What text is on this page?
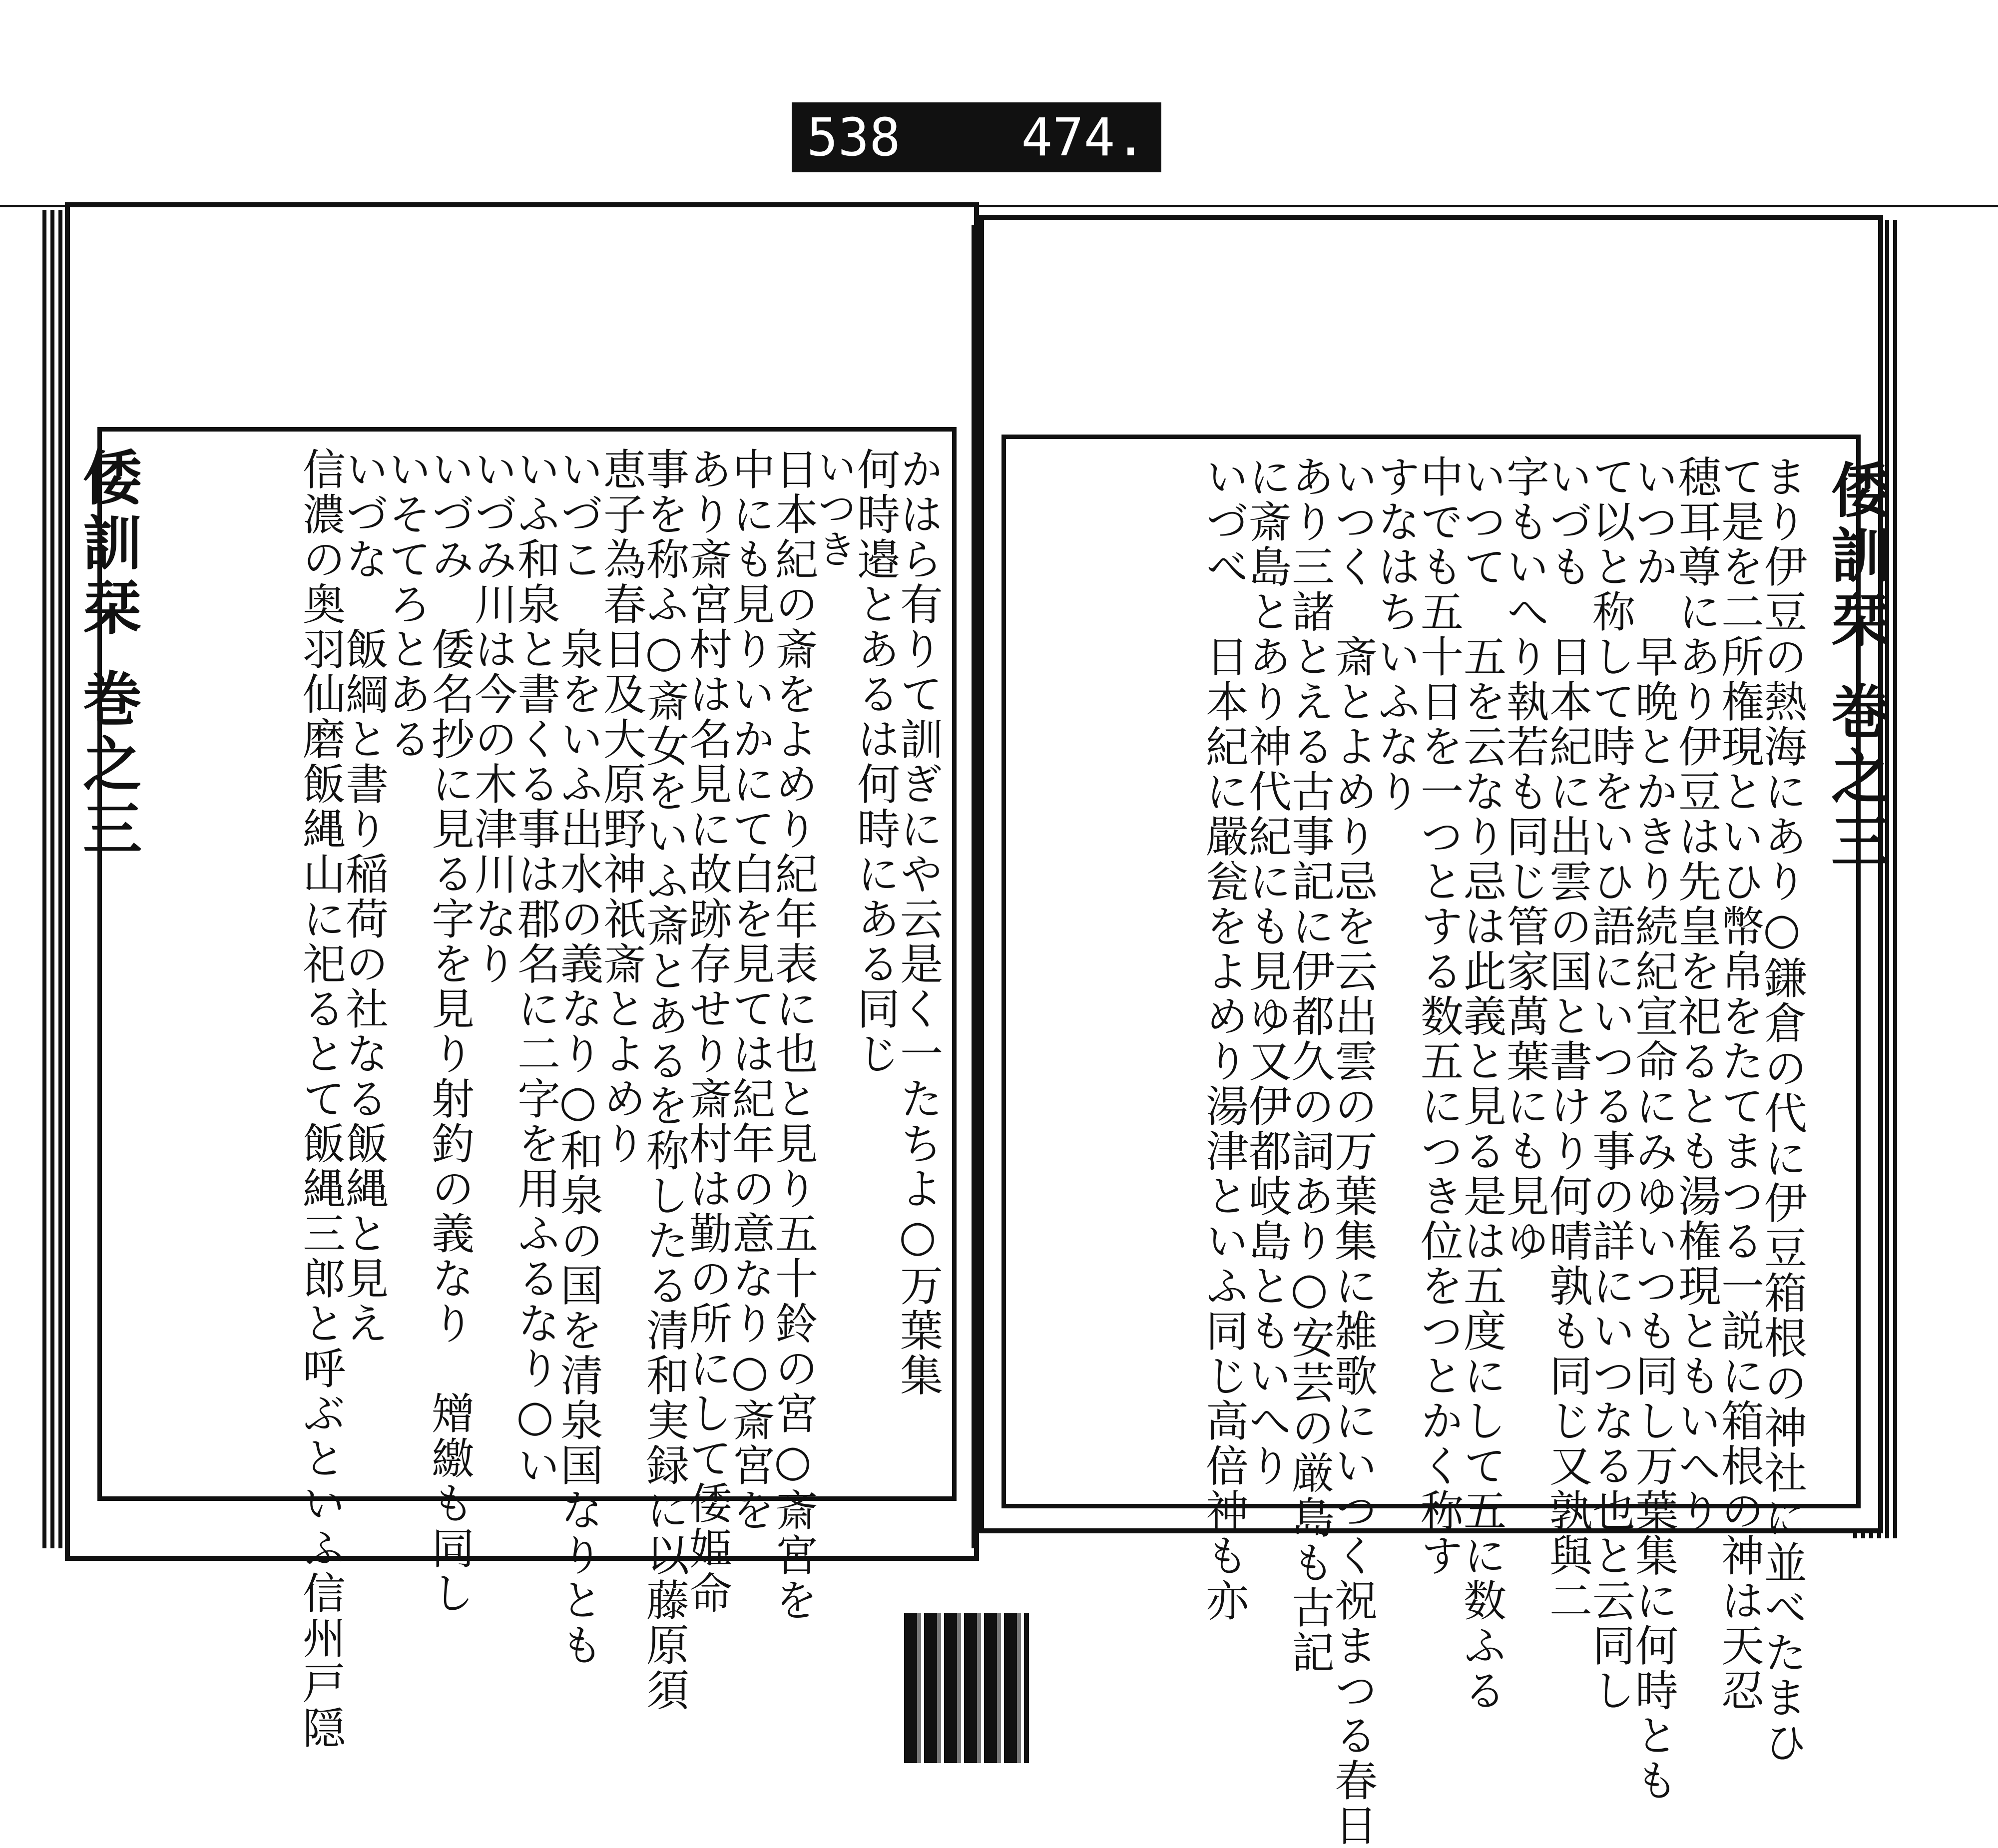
538 474.
倭訓栞 巻之三	かはら有りて訓ぎにや云是く一たちよ○万葉集
何時邉とあるは何時にある同じ
いつき
日本紀の斎をよめり紀年表に也と見り五十鈴の宮○斎宮を
中にも見りいかにて白を見ては紀年の意なり○斎宮を
あり斎宮村は名見に故跡存せり斎村は勤の所にして倭姫命
事を称ふ○斎女をいふ斎とあるを称したる清和実録に以藤原須
恵子為春日及大原野神祇斎とよめり
いづこ　泉をいふ出水の義なり○和泉の国を清泉国なりとも
いふ和泉と書くる事は郡名に二字を用ふるなり○い
いづみ川は今の木津川なり
いづみ　倭名抄に見る字を見り射釣の義なり　矰繳も同し
いそてろとある
いづな　飯綱と書り稲荷の社なる飯縄と見え
信濃の奥羽仙磨飯縄山に祀るとて飯縄三郎と呼ぶといふ信州戸隠	倭訓栞 巻之三
まり伊豆の熱海にあり○鎌倉の代に伊豆箱根の神社に並べたまひ
て是を二所権現といひ幣帛をたてまつる一説に箱根の神は天忍
穂耳尊にあり伊豆は先皇を祀るとも湯権現ともいへり
いつか　早晩とかきり続紀宣命にみゆいつも同し万葉集に何時とも
て以と称して時をいひ語にいつる事の詳にいつなる也と云同し
いづも　日本紀に出雲の国と書けり何晴孰も同じ又孰與二
字もいへり執若も同じ管家萬葉にも見ゆ
いつて　五を云なり忌は此義と見る是は五度にして五に数ふる
中でも五十日を一つとする数五につき位をつとかく称す
すなはちいふなり
いつく　斎とよめり忌を云出雲の万葉集に雑歌にいつく祝まつる春日
あり三諸とえる古事記に伊都久の詞あり○安芸の厳島も古記
に斎島とあり神代紀にも見ゆ又伊都岐島ともいへり
いづべ　日本紀に嚴瓮をよめり湯津といふ同じ高倍神も亦
